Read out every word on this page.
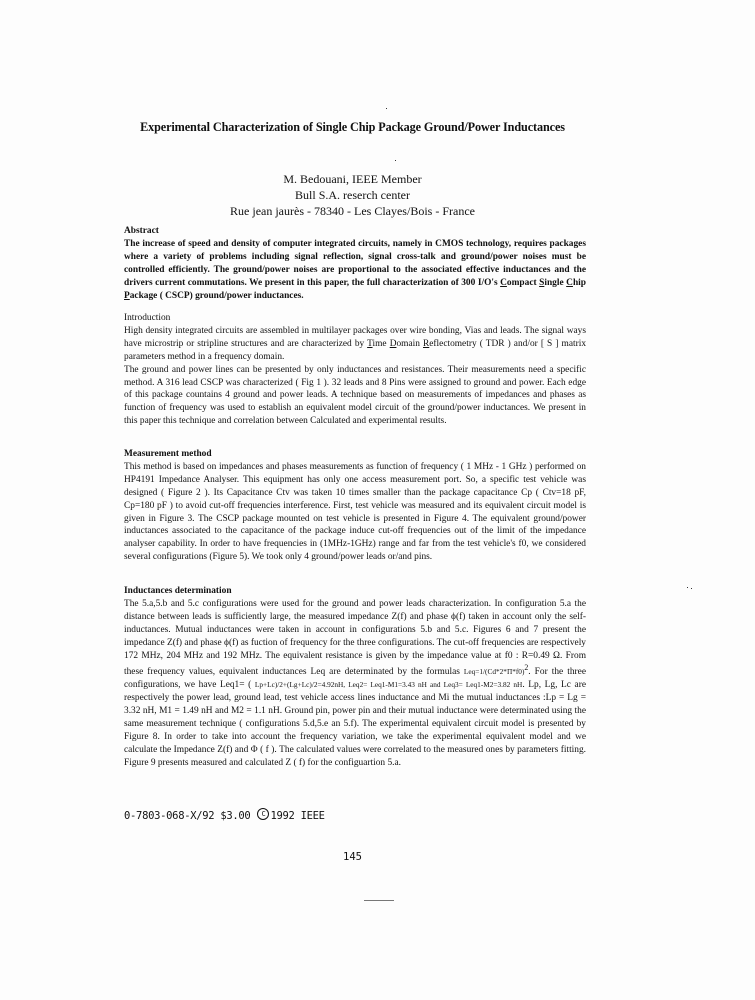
Experimental Characterization of Single Chip Package Ground/Power Inductances
M. Bedouani, IEEE Member
Bull S.A. reserch center
Rue jean jaurès - 78340 - Les Clayes/Bois - France
Abstract

The increase of speed and density of computer integrated circuits, namely in CMOS technology, requires packages where a variety of problems including signal reflection, signal cross-talk and ground/power noises must be controlled efficiently. The ground/power noises are proportional to the associated effective inductances and the drivers current commutations. We present in this paper, the full characterization of 300 I/O's Compact Single Chip Package ( CSCP) ground/power inductances.

Introduction

High density integrated circuits are assembled in multilayer packages over wire bonding, Vias and leads. The signal ways have microstrip or stripline structures and are characterized by Time Domain Reflectometry ( TDR ) and/or [ S ] matrix parameters method in a frequency domain.

The ground and power lines can be presented by only inductances and resistances. Their measurements need a specific method. A 316 lead CSCP was characterized ( Fig 1 ). 32 leads and 8 Pins were assigned to ground and power. Each edge of this package countains 4 ground and power leads. A technique based on measurements of impedances and phases as function of frequency was used to establish an equivalent model circuit of the ground/power inductances. We present in this paper this technique and correlation between Calculated and experimental results.

Measurement method

This method is based on impedances and phases measurements as function of frequency ( 1 MHz - 1 GHz ) performed on HP4191 Impedance Analyser. This equipment has only one access measurement port. So, a specific test vehicle was designed ( Figure 2 ). Its Capacitance Ctv was taken 10 times smaller than the package capacitance Cp ( Ctv=18 pF, Cp=180 pF ) to avoid cut-off frequencies interference. First, test vehicle was measured and its equivalent circuit model is given in Figure 3. The CSCP package mounted on test vehicle is presented in Figure 4. The equivalent ground/power inductances associated to the capacitance of the package induce cut-off frequencies out of the limit of the impedance analyser capability. In order to have frequencies in (1MHz-1GHz) range and far from the test vehicle's f0, we considered several configurations (Figure 5). We took only 4 ground/power leads or/and pins.

Inductances determination

The 5.a,5.b and 5.c configurations were used for the ground and power leads characterization. In configuration 5.a the distance between leads is sufficiently large, the measured impedance Z(f) and phase ϕ(f) taken in account only the self-inductances. Mutual inductances were taken in account in configurations 5.b and 5.c. Figures 6 and 7 present the impedance Z(f) and phase ϕ(f) as fuction of frequency for the three configurations. The cut-off frequencies are respectively 172 MHz, 204 MHz and 192 MHz. The equivalent resistance is given by the impedance value at f0 : R=0.49 Ω. From these frequency values, equivalent inductances Leq are determinated by the formulas $Leq=1/(Cd*2*\Pi*f0)^2$. For the three configurations, we have Leq1= ( Lp+Lc)/2+(Lg+Lc)/2=4.92nH, Leq2= Leq1-M1=3.43 nH and Leq3= Leq1-M2=3.82 nH. Lp, Lg, Lc are respectively the power lead, ground lead, test vehicle access lines inductance and Mi the mutual inductances :Lp = Lg = 3.32 nH, M1 = 1.49 nH and M2 = 1.1 nH. Ground pin, power pin and their mutual inductance were determinated using the same measurement technique ( configurations 5.d,5.e an 5.f). The experimental equivalent circuit model is presented by Figure 8. In order to take into account the frequency variation, we take the experimental equivalent model and we calculate the Impedance Z(f) and Φ ( f ). The calculated values were correlated to the measured ones by parameters fitting. Figure 9 presents measured and calculated Z ( f) for the configuartion 5.a.

0-7803-068-X/92 $3.00 C 1992 IEEE
145
